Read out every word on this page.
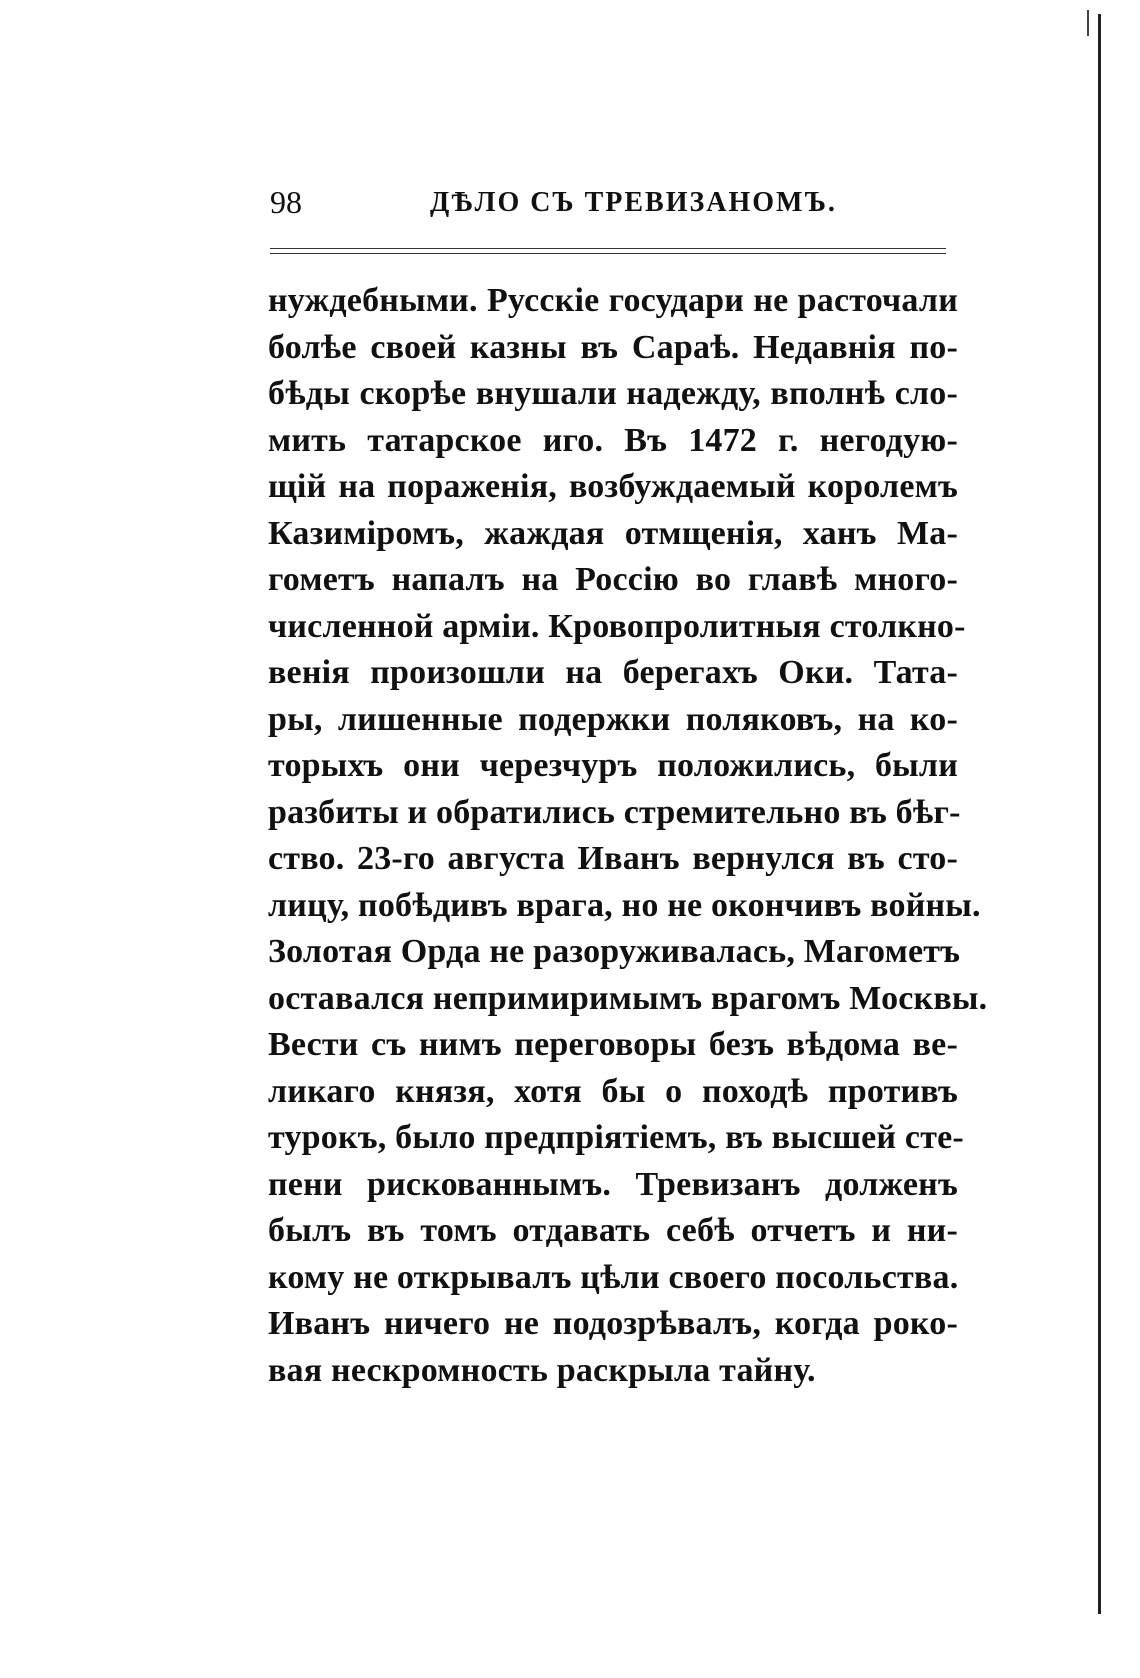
98	ДѢЛО СЪ ТРЕВИЗАНОМЪ.
нуждебными. Русскіе государи не расточали
болѣе своей казны въ Сараѣ. Недавнія по-
бѣды скорѣе внушали надежду, вполнѣ сло-
мить татарское иго. Въ 1472 г. негодую-
щій на пораженія, возбуждаемый королемъ
Казиміромъ, жаждая отмщенія, ханъ Ма-
гометъ напалъ на Россію во главѣ много-
численной арміи. Кровопролитныя столкно-
венія произошли на берегахъ Оки. Тата-
ры, лишенные подержки поляковъ, на ко-
торыхъ они черезчуръ положились, были
разбиты и обратились стремительно въ бѣг-
ство. 23-го августа Иванъ вернулся въ сто-
лицу, побѣдивъ врага, но не окончивъ войны.
Золотая Орда не разоруживалась, Магометъ
оставался непримиримымъ врагомъ Москвы.
Вести съ нимъ переговоры безъ вѣдома ве-
ликаго князя, хотя бы о походѣ противъ
турокъ, было предпріятіемъ, въ высшей сте-
пени рискованнымъ. Тревизанъ долженъ
былъ въ томъ отдавать себѣ отчетъ и ни-
кому не открывалъ цѣли своего посольства.
Иванъ ничего не подозрѣвалъ, когда роко-
вая нескромность раскрыла тайну.
